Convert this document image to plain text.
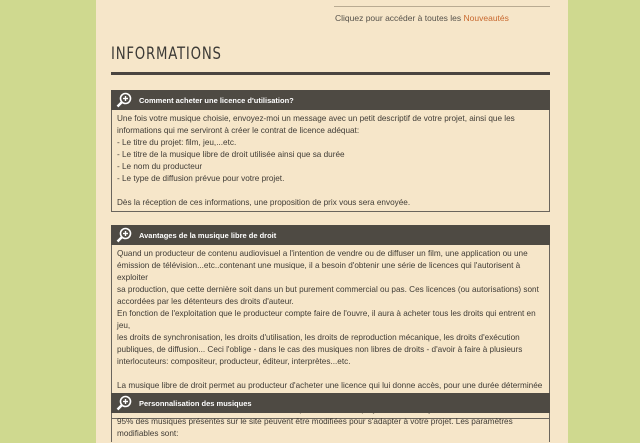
Cliquez pour accéder à toutes les Nouveautés
INFORMATIONS
Comment acheter une licence d'utilisation?

Une fois votre musique choisie, envoyez-moi un message avec un petit descriptif de votre projet, ainsi que les

informations qui me serviront à créer le contrat de licence adéquat:

- Le titre du projet: film, jeu,...etc.

- Le titre de la musique libre de droit utilisée ainsi que sa durée

- Le nom du producteur

- Le type de diffusion prévue pour votre projet.

Dès la réception de ces informations, une proposition de prix vous sera envoyée.

Avantages de la musique libre de droit

Quand un producteur de contenu audiovisuel a l'intention de vendre ou de diffuser un film, une application ou une

émission de télévision...etc..contenant une musique, il a besoin d'obtenir une série de licences qui l'autorisent à exploiter

sa production, que cette dernière soit dans un but purement commercial ou pas. Ces licences (ou autorisations) sont

accordées par les détenteurs des droits d'auteur.

En fonction de l'exploitation que le producteur compte faire de l'ouvre, il aura à acheter tous les droits qui entrent en jeu,

les droits de synchronisation, les droits d'utilisation, les droits de reproduction mécanique, les droits d'exécution

publiques, de diffusion... Ceci l'oblige - dans le cas des musiques non libres de droits - d'avoir à faire à plusieurs

interlocuteurs: compositeur, producteur, éditeur, interprètes...etc.

La musique libre de droit permet au producteur d'acheter une licence qui lui donne accès, pour une durée déterminée

Personnalisation des musiques

95% des musiques présentes sur le site peuvent être modifiées pour s'adapter à votre projet. Les paramètres

modifiables sont:
